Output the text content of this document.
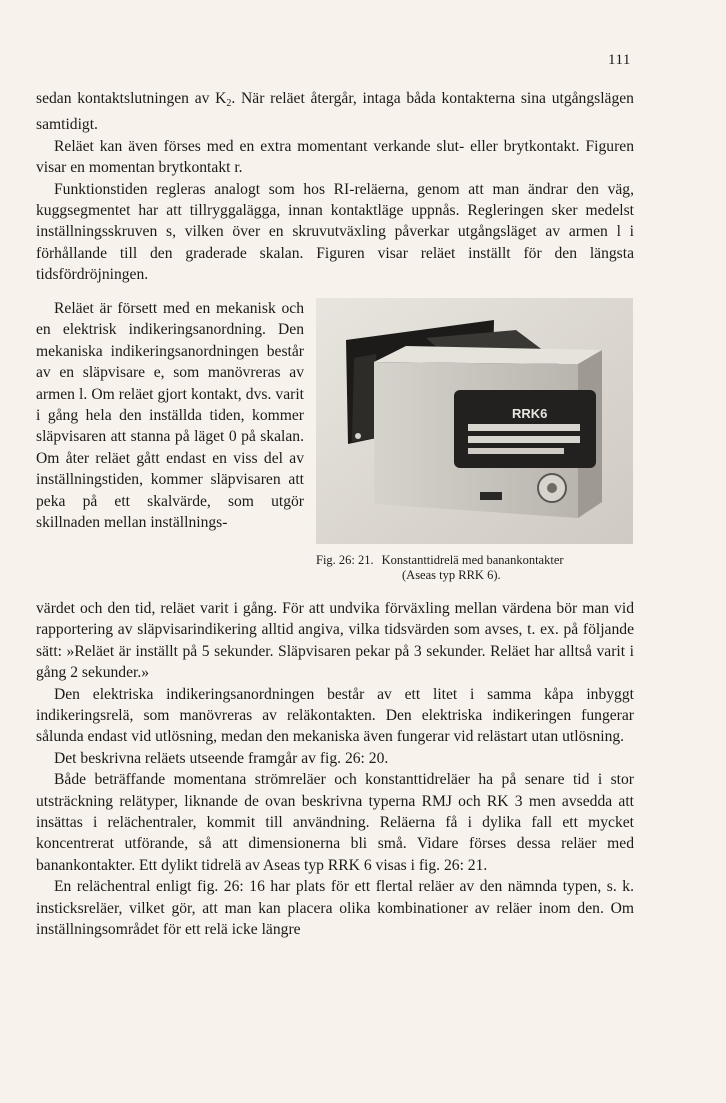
111

sedan kontaktslutningen av $K_2$. När reläet återgår, intaga båda kontakterna sina utgångslägen samtidigt.

Reläet kan även förses med en extra momentant verkande slut- eller brytkontakt. Figuren visar en momentan brytkontakt r.

Funktionstiden regleras analogt som hos RI-reläerna, genom att man ändrar den väg, kuggsegmentet har att tillryggalägga, innan kontaktläge uppnås. Regleringen sker medelst inställningsskruven s, vilken över en skruvutväxling påverkar utgångsläget av armen l i förhållande till den graderade skalan. Figuren visar reläet inställt för den längsta tidsfördröjningen.

Reläet är försett med en mekanisk och en elektrisk indikeringsanordning. Den mekaniska indikeringsanordningen består av en släpvisare e, som manövreras av armen l. Om reläet gjort kontakt, dvs. varit i gång hela den inställda tiden, kommer släpvisaren att stanna på läget 0 på skalan. Om åter reläet gått endast en viss del av inställningstiden, kommer släpvisaren att peka på ett skalvärde, som utgör skillnaden mellan inställnings-

RRK6
Fig. 26: 21. Konstanttidrelä med banankontakter
(Aseas typ RRK 6).

värdet och den tid, reläet varit i gång. För att undvika förväxling mellan värdena bör man vid rapportering av släpvisarindikering alltid angiva, vilka tidsvärden som avses, t. ex. på följande sätt: »Reläet är inställt på 5 sekunder. Släpvisaren pekar på 3 sekunder. Reläet har alltså varit i gång 2 sekunder.»

Den elektriska indikeringsanordningen består av ett litet i samma kåpa inbyggt indikeringsrelä, som manövreras av reläkontakten. Den elektriska indikeringen fungerar sålunda endast vid utlösning, medan den mekaniska även fungerar vid relästart utan utlösning.

Det beskrivna reläets utseende framgår av fig. 26: 20.

Både beträffande momentana strömreläer och konstanttidreläer ha på senare tid i stor utsträckning relätyper, liknande de ovan beskrivna typerna RMJ och RK 3 men avsedda att insättas i relächentraler, kommit till användning. Reläerna få i dylika fall ett mycket koncentrerat utförande, så att dimensionerna bli små. Vidare förses dessa reläer med banankontakter. Ett dylikt tidrelä av Aseas typ RRK 6 visas i fig. 26: 21.

En relächentral enligt fig. 26: 16 har plats för ett flertal reläer av den nämnda typen, s. k. insticksreläer, vilket gör, att man kan placera olika kombinationer av reläer inom den. Om inställningsområdet för ett relä icke längre
